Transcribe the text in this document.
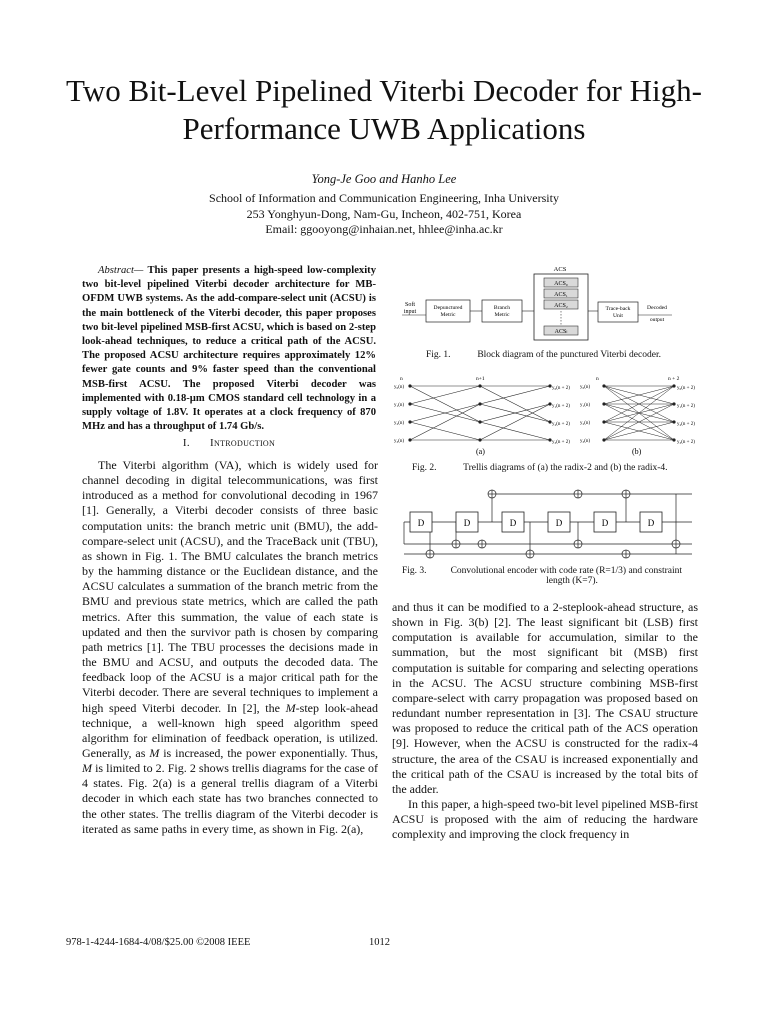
Two Bit-Level Pipelined Viterbi Decoder for High-
Performance UWB Applications
Yong-Je Goo and Hanho Lee
School of Information and Communication Engineering, Inha University
253 Yonghyun-Dong, Nam-Gu, Incheon, 402-751, Korea
Email: ggooyong@inhaian.net, hhlee@inha.ac.kr
Abstract— This paper presents a high-speed low-complexity two bit-level pipelined Viterbi decoder architecture for MB-OFDM UWB systems. As the add-compare-select unit (ACSU) is the main bottleneck of the Viterbi decoder, this paper proposes two bit-level pipelined MSB-first ACSU, which is based on 2-step look-ahead techniques, to reduce a critical path of the ACSU. The proposed ACSU architecture requires approximately 12% fewer gate counts and 9% faster speed than the conventional MSB-first ACSU. The proposed Viterbi decoder was implemented with 0.18-µm CMOS standard cell technology in a supply voltage of 1.8V. It operates at a clock frequency of 870 MHz and has a throughput of 1.74 Gb/s.
I. Introduction

The Viterbi algorithm (VA), which is widely used for channel decoding in digital telecommunications, was first introduced as a method for convolutional decoding in 1967 [1]. Generally, a Viterbi decoder consists of three basic computation units: the branch metric unit (BMU), the add-compare-select unit (ACSU), and the TraceBack unit (TBU), as shown in Fig. 1. The BMU calculates the branch metrics by the hamming distance or the Euclidean distance, and the ACSU calculates a summation of the branch metric from the BMU and previous state metrics, which are called the path metrics. After this summation, the value of each state is updated and then the survivor path is chosen by comparing path metrics [1]. The TBU processes the decisions made in the BMU and ACSU, and outputs the decoded data. The feedback loop of the ACSU is a major critical path for the Viterbi decoder. There are several techniques to implement a high speed Viterbi decoder. In [2], the M-step look-ahead technique, a well-known high speed algorithm speed algorithm for elimination of feedback operation, is utilized. Generally, as M is increased, the power exponentially. Thus, M is limited to 2. Fig. 2 shows trellis diagrams for the case of 4 states. Fig. 2(a) is a general trellis diagram of a Viterbi decoder in which each state has two branches connected to the other states. The trellis diagram of the Viterbi decoder is iterated as same paths in every time, as shown in Fig. 2(a),

ACS
ACS₀
ACS₁
ACS₂
ACSₗ
Soft
input
Depunctured
Metric
Branch
Metric
Trace-back
Unit
Decoded
output
Fig. 1.	Block diagram of the punctured Viterbi decoder.
n	n+1
y₀(n)
y₁(n)
y₂(n)
y₃(n)
y₀(n + 2)
y₁(n + 2)
y₂(n + 2)
y₃(n + 2)
(a)
n	n + 2
y₀(n)
y₁(n)
y₂(n)
y₃(n)
y₀(n + 2)
y₁(n + 2)
y₂(n + 2)
y₃(n + 2)
(b)
Fig. 2.	Trellis diagrams of (a) the radix-2 and (b) the radix-4.
D	D	D	D	D	D
Fig. 3.	Convolutional encoder with code rate (R=1/3) and constraint
length (K=7).

and thus it can be modified to a 2-steplook-ahead structure, as shown in Fig. 3(b) [2]. The least significant bit (LSB) first computation is available for accumulation, similar to the summation, but the most significant bit (MSB) first computation is suitable for comparing and selecting operations in the ACSU. The ACSU structure combining MSB-first compare-select with carry propagation was proposed based on redundant number representation in [3]. The CSAU structure was proposed to reduce the critical path of the ACS operation [9]. However, when the ACSU is constructed for the radix-4 structure, the area of the CSAU is increased exponentially and the critical path of the CSAU is increased by the total bits of the adder.

In this paper, a high-speed two-bit level pipelined MSB-first ACSU is proposed with the aim of reducing the hardware complexity and improving the clock frequency in

978-1-4244-1684-4/08/$25.00 ©2008 IEEE	1012
